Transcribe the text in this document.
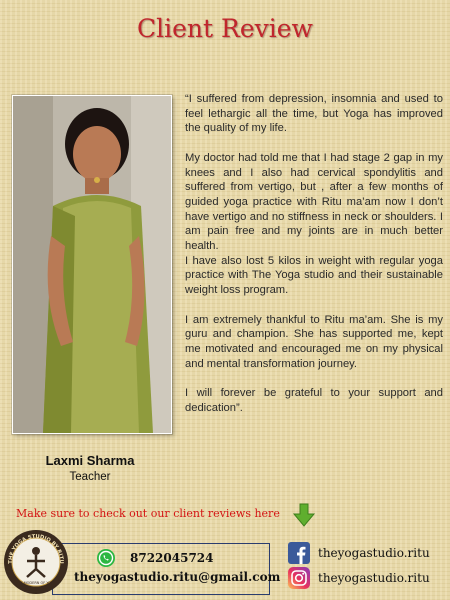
Client Review
Laxmi Sharma
Teacher

“I suffered from depression, insomnia and used to feel lethargic all the time, but Yoga has improved the quality of my life.

My doctor had told me that I had stage 2 gap in my knees and I also had cervical spondylitis and suffered from vertigo, but , after a few months of guided yoga practice with Ritu ma’am now I don’t have vertigo and no stiffness in neck or shoulders. I am pain free and my joints are in much better health.

I have also lost 5 kilos in weight with regular yoga practice with The Yoga studio and their sustainable weight loss program.

I am extremely thankful to Ritu ma’am. She is my guru and champion. She has supported me, kept me motivated and encouraged me on my physical and mental transformation journey.

I will forever be grateful to your support and dedication”.

Make sure to check out our client reviews here
THE YOGA STUDIO BY RITU
ART MODERN OF YOGA
8722045724
theyogastudio.ritu@gmail.com
theyogastudio.ritu
theyogastudio.ritu
